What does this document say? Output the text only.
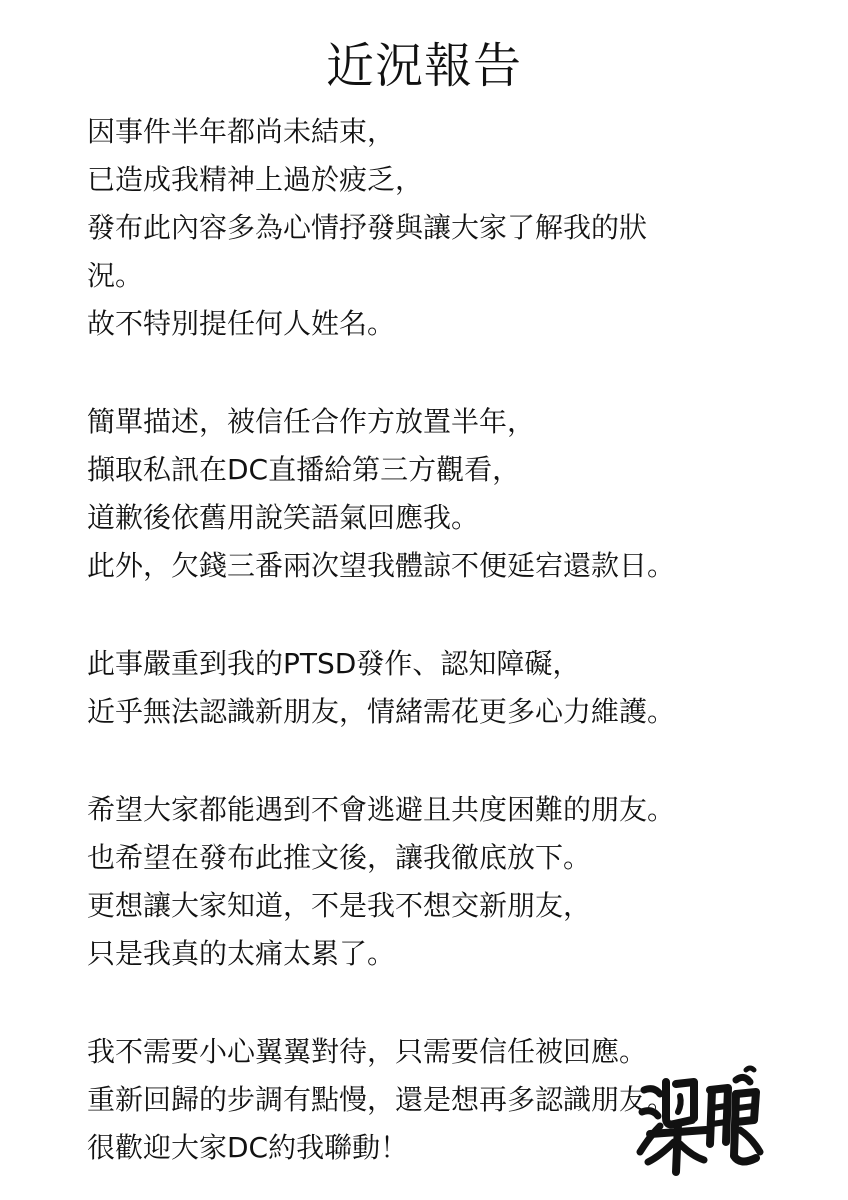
近況報告
因事件半年都尚未結束，
已造成我精神上過於疲乏，
發布此內容多為心情抒發與讓大家了解我的狀
況。
故不特別提任何人姓名。
簡單描述，被信任合作方放置半年，
擷取私訊在DC直播給第三方觀看，
道歉後依舊用說笑語氣回應我。
此外，欠錢三番兩次望我體諒不便延宕還款日。
此事嚴重到我的PTSD發作、認知障礙，
近乎無法認識新朋友，情緒需花更多心力維護。
希望大家都能遇到不會逃避且共度困難的朋友。
也希望在發布此推文後，讓我徹底放下。
更想讓大家知道，不是我不想交新朋友，
只是我真的太痛太累了。
我不需要小心翼翼對待，只需要信任被回應。
重新回歸的步調有點慢，還是想再多認識朋友。
很歡迎大家DC約我聯動！
